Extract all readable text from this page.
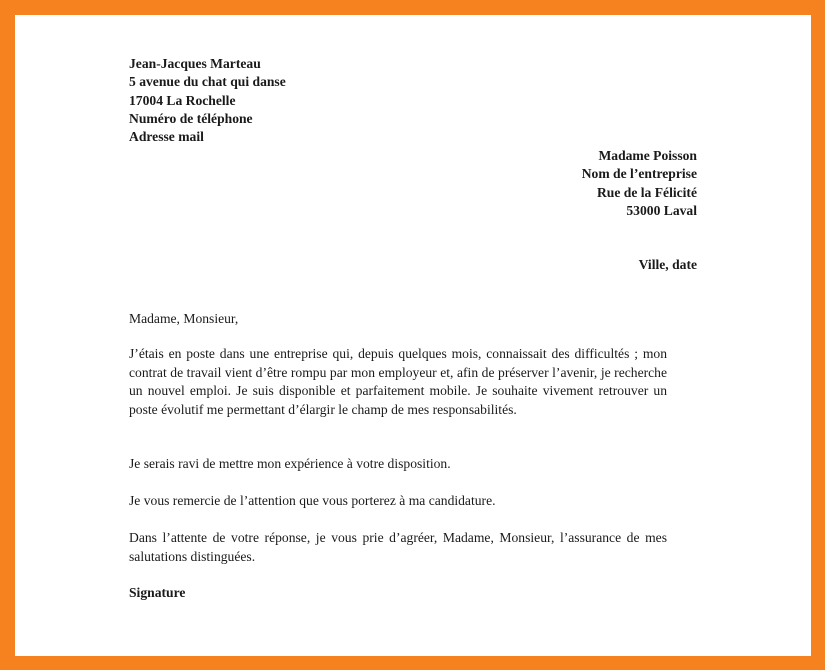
Jean-Jacques Marteau
5 avenue du chat qui danse
17004 La Rochelle
Numéro de téléphone
Adresse mail
Madame Poisson
Nom de l’entreprise
Rue de la Félicité
53000 Laval
Ville, date
Madame, Monsieur,
J’étais en poste dans une entreprise qui, depuis quelques mois, connaissait des difficultés ; mon contrat de travail vient d’être rompu par mon employeur et, afin de préserver l’avenir, je recherche un nouvel emploi. Je suis disponible et parfaitement mobile. Je souhaite vivement retrouver un poste évolutif me permettant d’élargir le champ de mes responsabilités.
Je serais ravi de mettre mon expérience à votre disposition.
Je vous remercie de l’attention que vous porterez à ma candidature.
Dans l’attente de votre réponse, je vous prie d’agréer, Madame, Monsieur, l’assurance de mes salutations distinguées.
Signature
